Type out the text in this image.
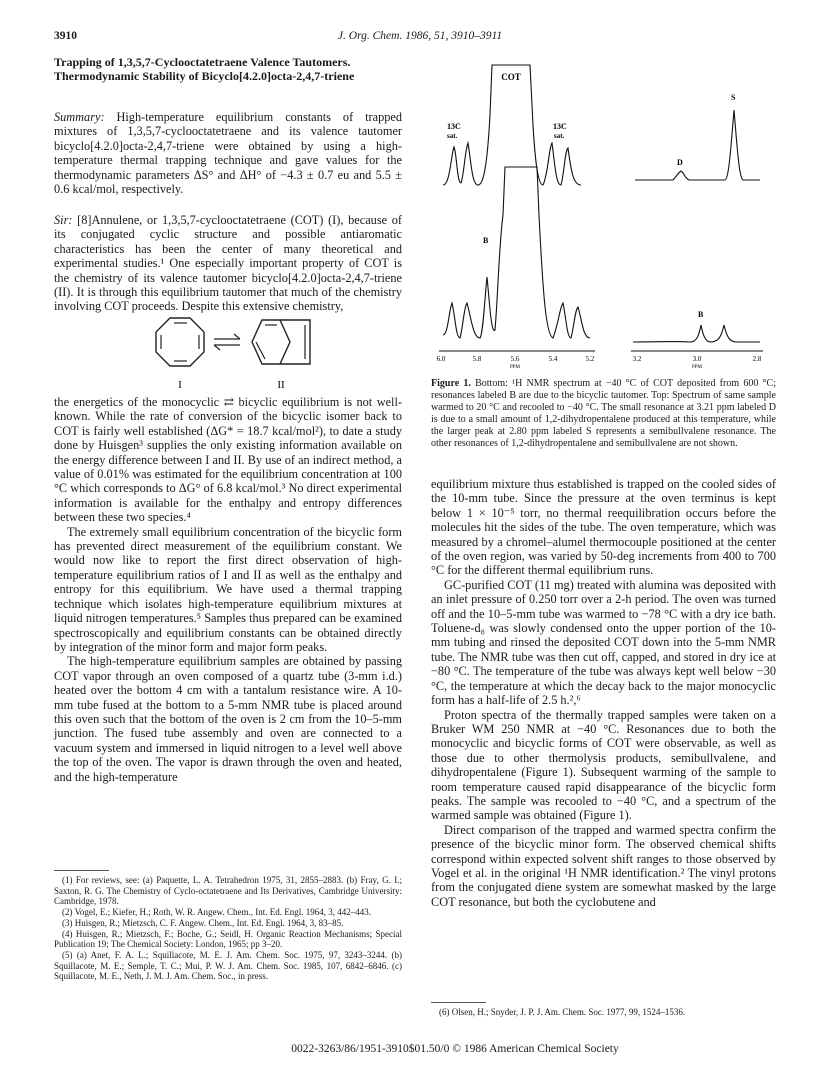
3910	J. Org. Chem. 1986, 51, 3910–3911
Trapping of 1,3,5,7-Cyclooctatetraene Valence Tautomers. Thermodynamic Stability of Bicyclo[4.2.0]octa-2,4,7-triene

Summary: High-temperature equilibrium constants of trapped mixtures of 1,3,5,7-cyclooctatetraene and its valence tautomer bicyclo[4.2.0]octa-2,4,7-triene were obtained by using a high-temperature thermal trapping technique and gave values for the thermodynamic parameters ΔS° and ΔH° of −4.3 ± 0.7 eu and 5.5 ± 0.6 kcal/mol, respectively.

Sir: [8]Annulene, or 1,3,5,7-cyclooctatetraene (COT) (I), because of its conjugated cyclic structure and possible antiaromatic characteristics has been the center of many theoretical and experimental studies.¹ One especially important property of COT is the chemistry of its valence tautomer bicyclo[4.2.0]octa-2,4,7-triene (II). It is through this equilibrium tautomer that much of the chemistry involving COT proceeds. Despite this extensive chemistry,

I	II

the energetics of the monocyclic ⇄ bicyclic equilibrium is not well-known. While the rate of conversion of the bicyclic isomer back to COT is fairly well established (ΔG* = 18.7 kcal/mol²), to date a study done by Huisgen³ supplies the only existing information available on the energy difference between I and II. By use of an indirect method, a value of 0.01% was estimated for the equilibrium concentration at 100 °C which corresponds to ΔG° of 6.8 kcal/mol.³ No direct experimental information is available for the enthalpy and entropy differences between these two species.⁴

The extremely small equilibrium concentration of the bicyclic form has prevented direct measurement of the equilibrium constant. We would now like to report the first direct observation of high-temperature equilibrium ratios of I and II as well as the enthalpy and entropy for this equilibrium. We have used a thermal trapping technique which isolates high-temperature equilibrium mixtures at liquid nitrogen temperatures.⁵ Samples thus prepared can be examined spectroscopically and equilibrium constants can be obtained directly by integration of the minor form and major form peaks.

The high-temperature equilibrium samples are obtained by passing COT vapor through an oven composed of a quartz tube (3-mm i.d.) heated over the bottom 4 cm with a tantalum resistance wire. A 10-mm tube fused at the bottom to a 5-mm NMR tube is placed around this oven such that the bottom of the oven is 2 cm from the 10–5-mm junction. The fused tube assembly and oven are connected to a vacuum system and immersed in liquid nitrogen to a level well above the top of the oven. The vapor is drawn through the oven and heated, and the high-temperature

(1) For reviews, see: (a) Paquette, L. A. Tetrahedron 1975, 31, 2855–2883. (b) Fray, G. I.; Saxton, R. G. The Chemistry of Cyclo-octatetraene and Its Derivatives, Cambridge University: Cambridge, 1978.

(2) Vogel, E.; Kiefer, H.; Roth, W. R. Angew. Chem., Int. Ed. Engl. 1964, 3, 442–443.

(3) Huisgen, R.; Mietzsch, C. F. Angew. Chem., Int. Ed. Engl. 1964, 3, 83–85.

(4) Huisgen, R.; Mietzsch, F.; Boche, G.; Seidl, H. Organic Reaction Mechanisms; Special Publication 19; The Chemical Society: London, 1965; pp 3–20.

(5) (a) Anet, F. A. L.; Squillacote, M. E. J. Am. Chem. Soc. 1975, 97, 3243–3244. (b) Squillacote, M. E.; Semple, T. C.; Mui, P. W. J. Am. Chem. Soc. 1985, 107, 6842–6846. (c) Squillacote, M. E., Neth, J. M. J. Am. Chem. Soc., in press.

COT
13C
sat.
13C
sat.
S
D
B
B
6.0	5.8	5.6	5.4	5.2
PPM
3.2	3.0	2.8
PPM

Figure 1. Bottom: ¹H NMR spectrum at −40 °C of COT deposited from 600 °C; resonances labeled B are due to the bicyclic tautomer. Top: Spectrum of same sample warmed to 20 °C and recooled to −40 °C. The small resonance at 3.21 ppm labeled D is due to a small amount of 1,2-dihydropentalene produced at this temperature, while the larger peak at 2.80 ppm labeled S represents a semibullvalene resonance. The other resonances of 1,2-dihydropentalene and semibullvalene are not shown.

equilibrium mixture thus established is trapped on the cooled sides of the 10-mm tube. Since the pressure at the oven terminus is kept below 1 × 10⁻⁵ torr, no thermal reequilibration occurs before the molecules hit the sides of the tube. The oven temperature, which was measured by a chromel–alumel thermocouple positioned at the center of the oven region, was varied by 50-deg increments from 400 to 700 °C for the different thermal equilibrium runs.

GC-purified COT (11 mg) treated with alumina was deposited with an inlet pressure of 0.250 torr over a 2-h period. The oven was turned off and the 10–5-mm tube was warmed to −78 °C with a dry ice bath. Toluene-d₈ was slowly condensed onto the upper portion of the 10-mm tubing and rinsed the deposited COT down into the 5-mm NMR tube. The NMR tube was then cut off, capped, and stored in dry ice at −80 °C. The temperature of the tube was always kept well below −30 °C, the temperature at which the decay back to the major monocyclic form has a half-life of 2.5 h.²,⁶

Proton spectra of the thermally trapped samples were taken on a Bruker WM 250 NMR at −40 °C. Resonances due to both the monocyclic and bicyclic forms of COT were observable, as well as those due to other thermolysis products, semibullvalene, and dihydropentalene (Figure 1). Subsequent warming of the sample to room temperature caused rapid disappearance of the bicyclic form peaks. The sample was recooled to −40 °C, and a spectrum of the warmed sample was obtained (Figure 1).

Direct comparison of the trapped and warmed spectra confirm the presence of the bicyclic minor form. The observed chemical shifts correspond within expected solvent shift ranges to those observed by Vogel et al. in the original ¹H NMR identification.² The vinyl protons from the conjugated diene system are somewhat masked by the large COT resonance, but both the cyclobutene and

(6) Olsen, H.; Snyder, J. P. J. Am. Chem. Soc. 1977, 99, 1524–1536.

0022-3263/86/1951-3910$01.50/0 © 1986 American Chemical Society
